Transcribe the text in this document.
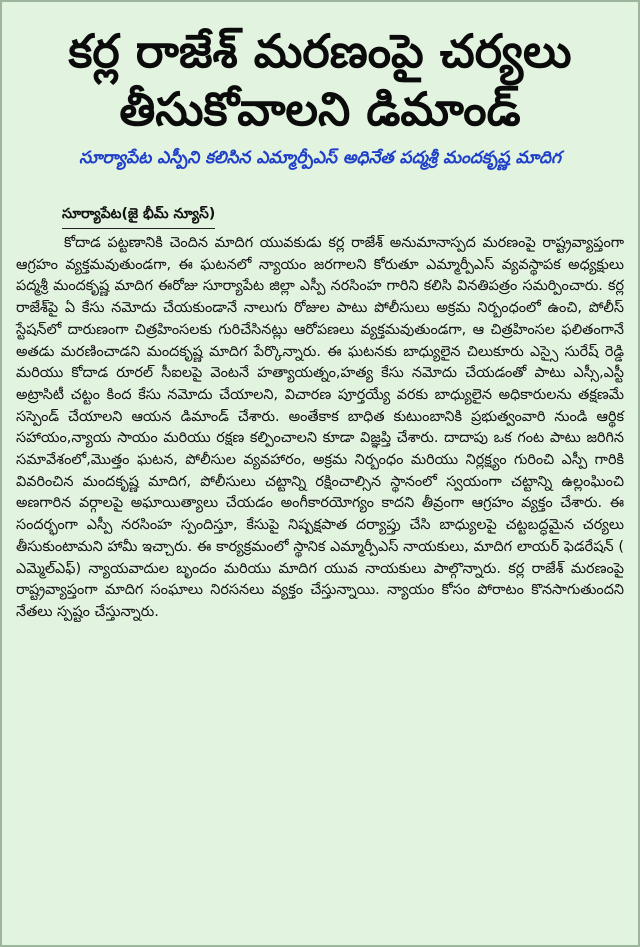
కర్ల రాజేశ్ మరణంపై చర్యలు
తీసుకోవాలని డిమాండ్
సూర్యాపేట ఎస్పీని కలిసిన ఎమ్మార్పీఎస్ అధినేత పద్మశ్రీ మందకృష్ణ మాదిగ
సూర్యాపేట(జై భీమ్ న్యూస్)

కోదాడ పట్టణానికి చెందిన మాదిగ యువకుడు కర్ల రాజేశ్ అనుమానాస్పద మరణంపై రాష్ట్రవ్యాప్తంగా ఆగ్రహం వ్యక్తమవుతుండగా, ఈ ఘటనలో న్యాయం జరగాలని కోరుతూ ఎమ్మార్పీఎస్ వ్యవస్థాపక అధ్యక్షులు పద్మశ్రీ మందకృష్ణ మాదిగ ఈరోజు సూర్యాపేట జిల్లా ఎస్పీ నరసింహ గారిని కలిసి వినతిపత్రం సమర్పించారు. కర్ల రాజేశ్‌పై ఏ కేసు నమోదు చేయకుండానే నాలుగు రోజుల పాటు పోలీసులు అక్రమ నిర్బంధంలో ఉంచి, పోలీస్ స్టేషన్‌లో దారుణంగా చిత్రహింసలకు గురిచేసినట్లు ఆరోపణలు వ్యక్తమవుతుండగా, ఆ చిత్రహింసల ఫలితంగానే అతడు మరణించాడని మందకృష్ణ మాదిగ పేర్కొన్నారు. ఈ ఘటనకు బాధ్యులైన చిలుకూరు ఎస్సై సురేష్ రెడ్డి మరియు కోదాడ రూరల్ సీఐలపై వెంటనే హత్యాయత్నం,హత్య కేసు నమోదు చేయడంతో పాటు ఎస్సీ,ఎస్టీ అట్రాసిటీ చట్టం కింద కేసు నమోదు చేయాలని, విచారణ పూర్తయ్యే వరకు బాధ్యులైన అధికారులను తక్షణమే సస్పెండ్ చేయాలని ఆయన డిమాండ్ చేశారు. అంతేకాక బాధిత కుటుంబానికి ప్రభుత్వంవారి నుండి ఆర్థిక సహాయం,న్యాయ సాయం మరియు రక్షణ కల్పించాలని కూడా విజ్ఞప్తి చేశారు. దాదాపు ఒక గంట పాటు జరిగిన సమావేశంలో,మొత్తం ఘటన, పోలీసుల వ్యవహారం, అక్రమ నిర్బంధం మరియు నిర్లక్ష్యం గురించి ఎస్పీ గారికి వివరించిన మందకృష్ణ మాదిగ, పోలీసులు చట్టాన్ని రక్షించాల్సిన స్థానంలో స్వయంగా చట్టాన్ని ఉల్లంఘించి అణగారిన వర్గాలపై అఘాయిత్యాలు చేయడం అంగీకారయోగ్యం కాదని తీవ్రంగా ఆగ్రహం వ్యక్తం చేశారు. ఈ సందర్భంగా ఎస్పీ నరసింహ స్పందిస్తూ, కేసుపై నిష్పక్షపాత దర్యాప్తు చేసి బాధ్యులపై చట్టబద్ధమైన చర్యలు తీసుకుంటామని హామీ ఇచ్చారు. ఈ కార్యక్రమంలో స్థానిక ఎమ్మార్పీఎస్ నాయకులు, మాదిగ లాయర్ ఫెడరేషన్ ( ఎమ్మెల్ఎఫ్) న్యాయవాదుల బృందం మరియు మాదిగ యువ నాయకులు పాల్గొన్నారు. కర్ల రాజేశ్ మరణంపై రాష్ట్రవ్యాప్తంగా మాదిగ సంఘాలు నిరసనలు వ్యక్తం చేస్తున్నాయి. న్యాయం కోసం పోరాటం కొనసాగుతుందని నేతలు స్పష్టం చేస్తున్నారు.
